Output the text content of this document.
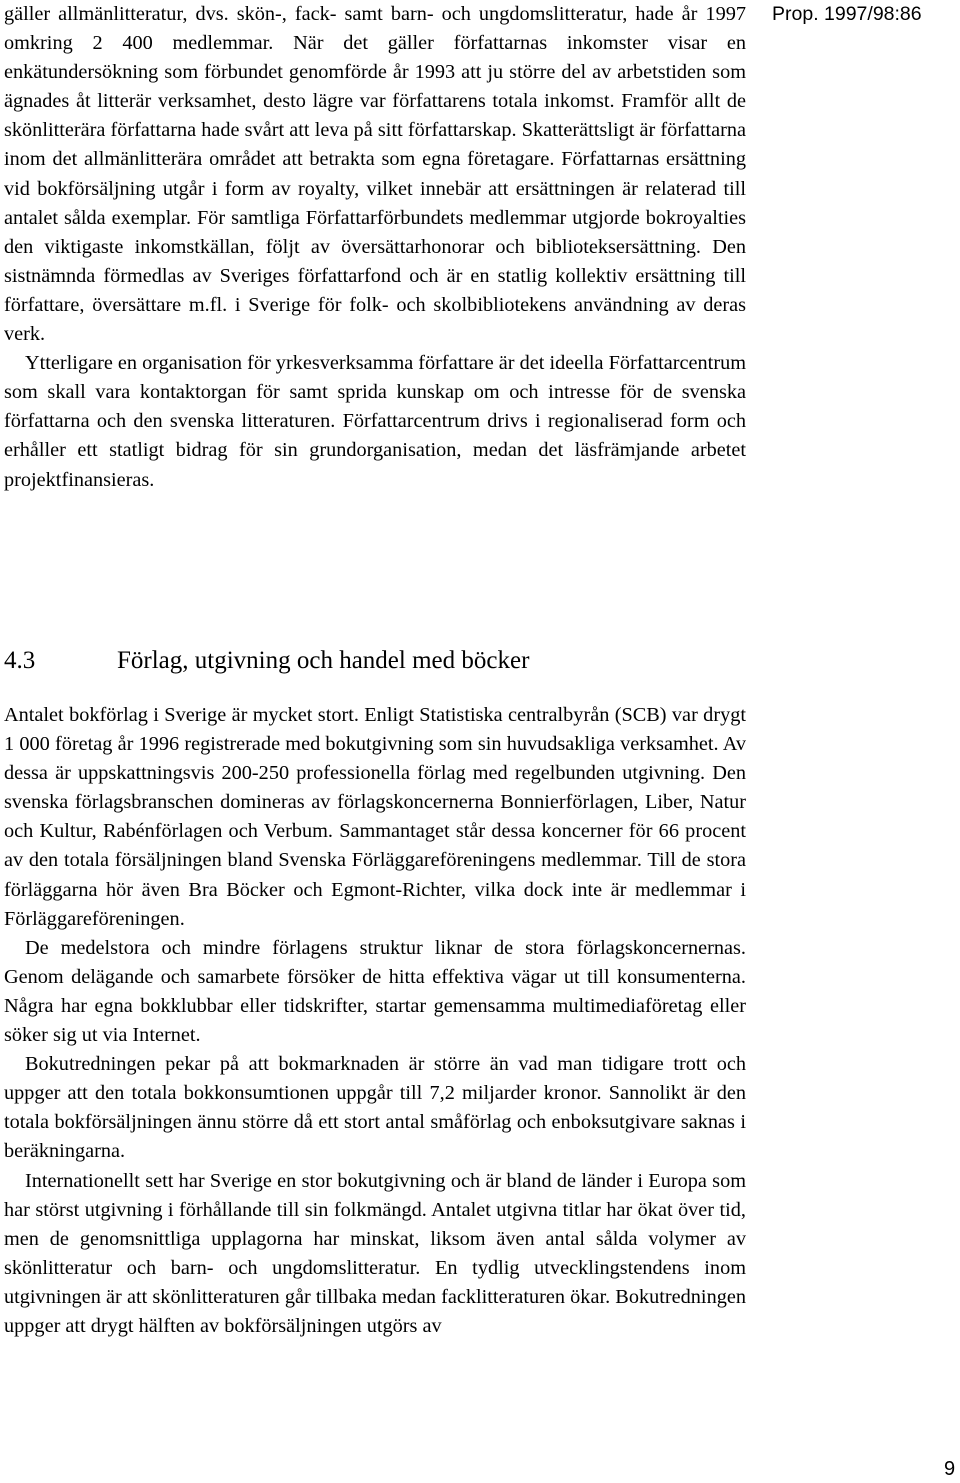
gäller allmänlitteratur, dvs. skön-, fack- samt barn- och ungdomslitteratur, hade år 1997 omkring 2 400 medlemmar. När det gäller författarnas inkomster visar en enkätundersökning som förbundet genomförde år 1993 att ju större del av arbetstiden som ägnades åt litterär verksamhet, desto lägre var författarens totala inkomst. Framför allt de skönlitterära författarna hade svårt att leva på sitt författarskap. Skatterättsligt är författarna inom det allmänlitterära området att betrakta som egna företagare. Författarnas ersättning vid bokförsäljning utgår i form av royalty, vilket innebär att ersättningen är relaterad till antalet sålda exemplar. För samtliga Författarförbundets medlemmar utgjorde bokroyalties den viktigaste inkomstkällan, följt av översättarhonorar och biblioteksersättning. Den sistnämnda förmedlas av Sveriges författarfond och är en statlig kollektiv ersättning till författare, översättare m.fl. i Sverige för folk- och skolbibliotekens användning av deras verk.

Ytterligare en organisation för yrkesverksamma författare är det ideella Författarcentrum som skall vara kontaktorgan för samt sprida kunskap om och intresse för de svenska författarna och den svenska litteraturen. Författarcentrum drivs i regionaliserad form och erhåller ett statligt bidrag för sin grundorganisation, medan det läsfrämjande arbetet projektfinansieras.

4.3	Förlag, utgivning och handel med böcker

Antalet bokförlag i Sverige är mycket stort. Enligt Statistiska centralbyrån (SCB) var drygt 1 000 företag år 1996 registrerade med bokutgivning som sin huvudsakliga verksamhet. Av dessa är uppskattningsvis 200-250 professionella förlag med regelbunden utgivning. Den svenska förlagsbranschen domineras av förlagskoncernerna Bonnierförlagen, Liber, Natur och Kultur, Rabénförlagen och Verbum. Sammantaget står dessa koncerner för 66 procent av den totala försäljningen bland Svenska Förläggareföreningens medlemmar. Till de stora förläggarna hör även Bra Böcker och Egmont-Richter, vilka dock inte är medlemmar i Förläggareföreningen.

De medelstora och mindre förlagens struktur liknar de stora förlagskoncernernas. Genom delägande och samarbete försöker de hitta effektiva vägar ut till konsumenterna. Några har egna bokklubbar eller tidskrifter, startar gemensamma multimediaföretag eller söker sig ut via Internet.

Bokutredningen pekar på att bokmarknaden är större än vad man tidigare trott och uppger att den totala bokkonsumtionen uppgår till 7,2 miljarder kronor. Sannolikt är den totala bokförsäljningen ännu större då ett stort antal småförlag och enboksutgivare saknas i beräkningarna.

Internationellt sett har Sverige en stor bokutgivning och är bland de länder i Europa som har störst utgivning i förhållande till sin folkmängd. Antalet utgivna titlar har ökat över tid, men de genomsnittliga upplagorna har minskat, liksom även antal sålda volymer av skönlitteratur och barn- och ungdomslitteratur. En tydlig utvecklingstendens inom utgivningen är att skönlitteraturen går tillbaka medan facklitteraturen ökar. Bokutredningen uppger att drygt hälften av bokförsäljningen utgörs av

Prop. 1997/98:86
9
